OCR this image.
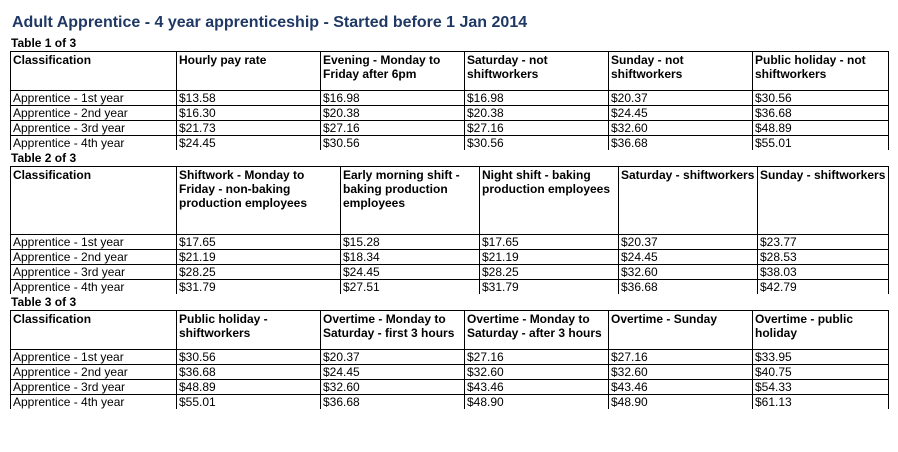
Adult Apprentice - 4 year apprenticeship - Started before 1 Jan 2014
Table 1 of 3
Classification	Hourly pay rate	Evening - Monday to Friday after 6pm	Saturday - not shiftworkers	Sunday - not shiftworkers	Public holiday - not shiftworkers

Apprentice - 1st year	$13.58	$16.98	$16.98	$20.37	$30.56
Apprentice - 2nd year	$16.30	$20.38	$20.38	$24.45	$36.68
Apprentice - 3rd year	$21.73	$27.16	$27.16	$32.60	$48.89
Apprentice - 4th year	$24.45	$30.56	$30.56	$36.68	$55.01
Table 2 of 3
Classification	Shiftwork - Monday to Friday - non-baking production employees	Early morning shift - baking production employees	Night shift - baking production employees	Saturday - shiftworkers	Sunday - shiftworkers

Apprentice - 1st year	$17.65	$15.28	$17.65	$20.37	$23.77
Apprentice - 2nd year	$21.19	$18.34	$21.19	$24.45	$28.53
Apprentice - 3rd year	$28.25	$24.45	$28.25	$32.60	$38.03
Apprentice - 4th year	$31.79	$27.51	$31.79	$36.68	$42.79
Table 3 of 3
Classification	Public holiday - shiftworkers	Overtime - Monday to Saturday - first 3 hours	Overtime - Monday to Saturday - after 3 hours	Overtime - Sunday	Overtime - public holiday

Apprentice - 1st year	$30.56	$20.37	$27.16	$27.16	$33.95
Apprentice - 2nd year	$36.68	$24.45	$32.60	$32.60	$40.75
Apprentice - 3rd year	$48.89	$32.60	$43.46	$43.46	$54.33
Apprentice - 4th year	$55.01	$36.68	$48.90	$48.90	$61.13
